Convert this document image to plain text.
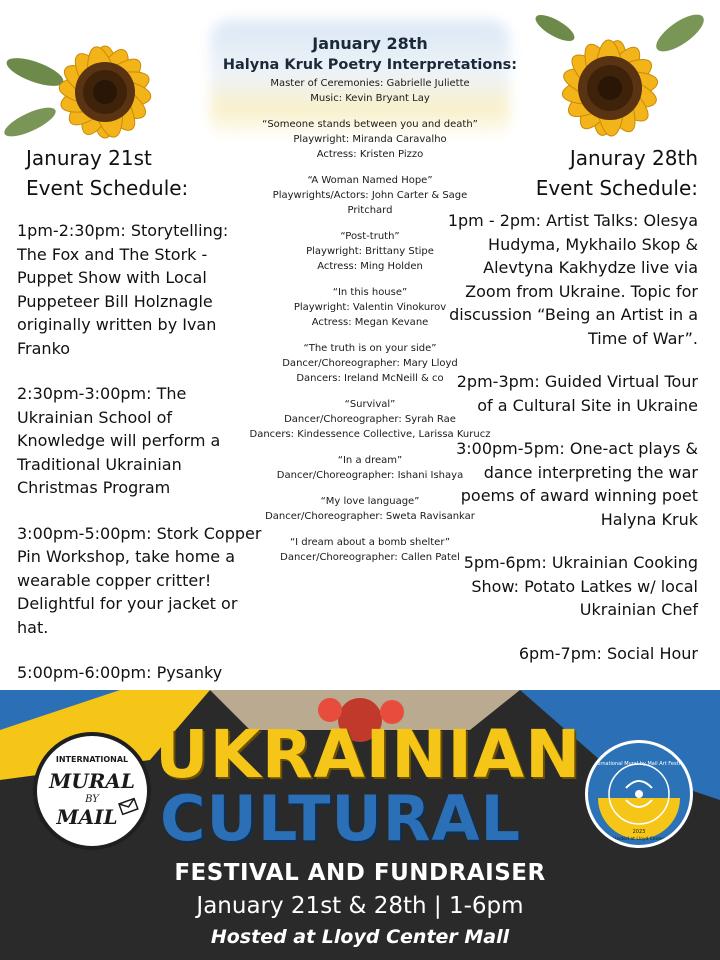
Januray 21st
Event Schedule:
Januray 28th
Event Schedule:

1pm-2:30pm: Storytelling: The Fox and The Stork - Puppet Show with Local Puppeteer Bill Holznagle originally written by Ivan Franko

2:30pm-3:00pm: The Ukrainian School of Knowledge will perform a Traditional Ukrainian Christmas Program

3:00pm-5:00pm: Stork Copper Pin Workshop, take home a wearable copper critter! Delightful for your jacket or hat.

5:00pm-6:00pm: Pysanky

1pm - 2pm: Artist Talks: Olesya Hudyma, Mykhailo Skop & Alevtyna Kakhydze live via Zoom from Ukraine. Topic for discussion “Being an Artist in a Time of War”.

2pm-3pm: Guided Virtual Tour of a Cultural Site in Ukraine

3:00pm-5pm: One-act plays & dance interpreting the war poems of award winning poet Halyna Kruk

5pm-6pm: Ukrainian Cooking Show: Potato Latkes w/ local Ukrainian Chef

6pm-7pm: Social Hour

January 28th
Halyna Kruk Poetry Interpretations:
Master of Ceremonies: Gabrielle Juliette
Music: Kevin Bryant Lay
“Someone stands between you and death”
Playwright: Miranda Caravalho
Actress: Kristen Pizzo
“A Woman Named Hope”
Playwrights/Actors: John Carter & Sage Pritchard
“Post-truth”
Playwright: Brittany Stipe
Actress: Ming Holden
“In this house”
Playwright: Valentin Vinokurov
Actress: Megan Kevane
“The truth is on your side”
Dancer/Choreographer: Mary Lloyd
Dancers: Ireland McNeill & co
“Survival”
Dancer/Choreographer: Syrah Rae
Dancers: Kindessence Collective, Larissa Kurucz
“In a dream”
Dancer/Choreographer: Ishani Ishaya
“My love language”
Dancer/Choreographer: Sweta Ravisankar
“I dream about a bomb shelter”
Dancer/Choreographer: Callen Patel
INTERNATIONAL
MURAL
BY
MAIL
UKRAINIAN
CULTURAL
International Mural by Mail Art Festival
2023
Hosted at Lloyd Center
FESTIVAL AND FUNDRAISER
January 21st & 28th | 1-6pm
Hosted at Lloyd Center Mall
